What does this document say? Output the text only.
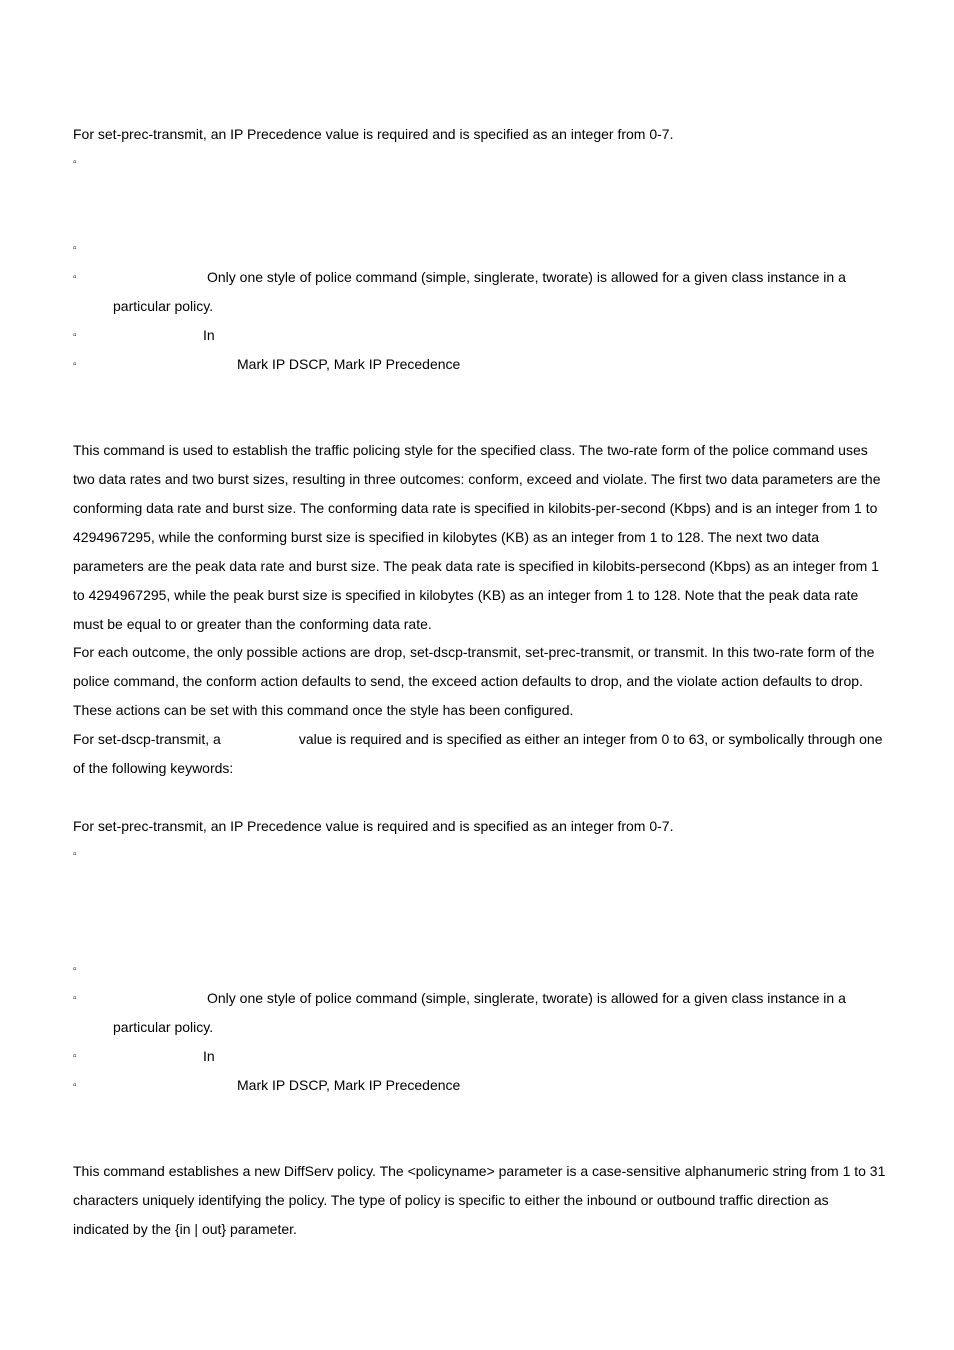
For set-prec-transmit, an IP Precedence value is required and is specified as an integer from 0-7.
▫
▫
▫	Only one style of police command (simple, singlerate, tworate) is allowed for a given class instance in a
particular policy.
▫	In
▫	Mark IP DSCP, Mark IP Precedence

This command is used to establish the traffic policing style for the specified class. The two-rate form of the police command uses two data rates and two burst sizes, resulting in three outcomes: conform, exceed and violate. The first two data parameters are the conforming data rate and burst size. The conforming data rate is specified in kilobits-per-second (Kbps) and is an integer from 1 to 4294967295, while the conforming burst size is specified in kilobytes (KB) as an integer from 1 to 128. The next two data parameters are the peak data rate and burst size. The peak data rate is specified in kilobits-persecond (Kbps) as an integer from 1 to 4294967295, while the peak burst size is specified in kilobytes (KB) as an integer from 1 to 128. Note that the peak data rate must be equal to or greater than the conforming data rate.

For each outcome, the only possible actions are drop, set-dscp-transmit, set-prec-transmit, or transmit. In this two-rate form of the police command, the conform action defaults to send, the exceed action defaults to drop, and the violate action defaults to drop. These actions can be set with this command once the style has been configured.

For set-dscp-transmit, a	value is required and is specified as either an integer from 0 to 63, or symbolically through one of the following keywords:

For set-prec-transmit, an IP Precedence value is required and is specified as an integer from 0-7.
▫
▫
▫	Only one style of police command (simple, singlerate, tworate) is allowed for a given class instance in a
particular policy.
▫	In
▫	Mark IP DSCP, Mark IP Precedence

This command establishes a new DiffServ policy. The <policyname> parameter is a case-sensitive alphanumeric string from 1 to 31 characters uniquely identifying the policy. The type of policy is specific to either the inbound or outbound traffic direction as indicated by the {in | out} parameter.
